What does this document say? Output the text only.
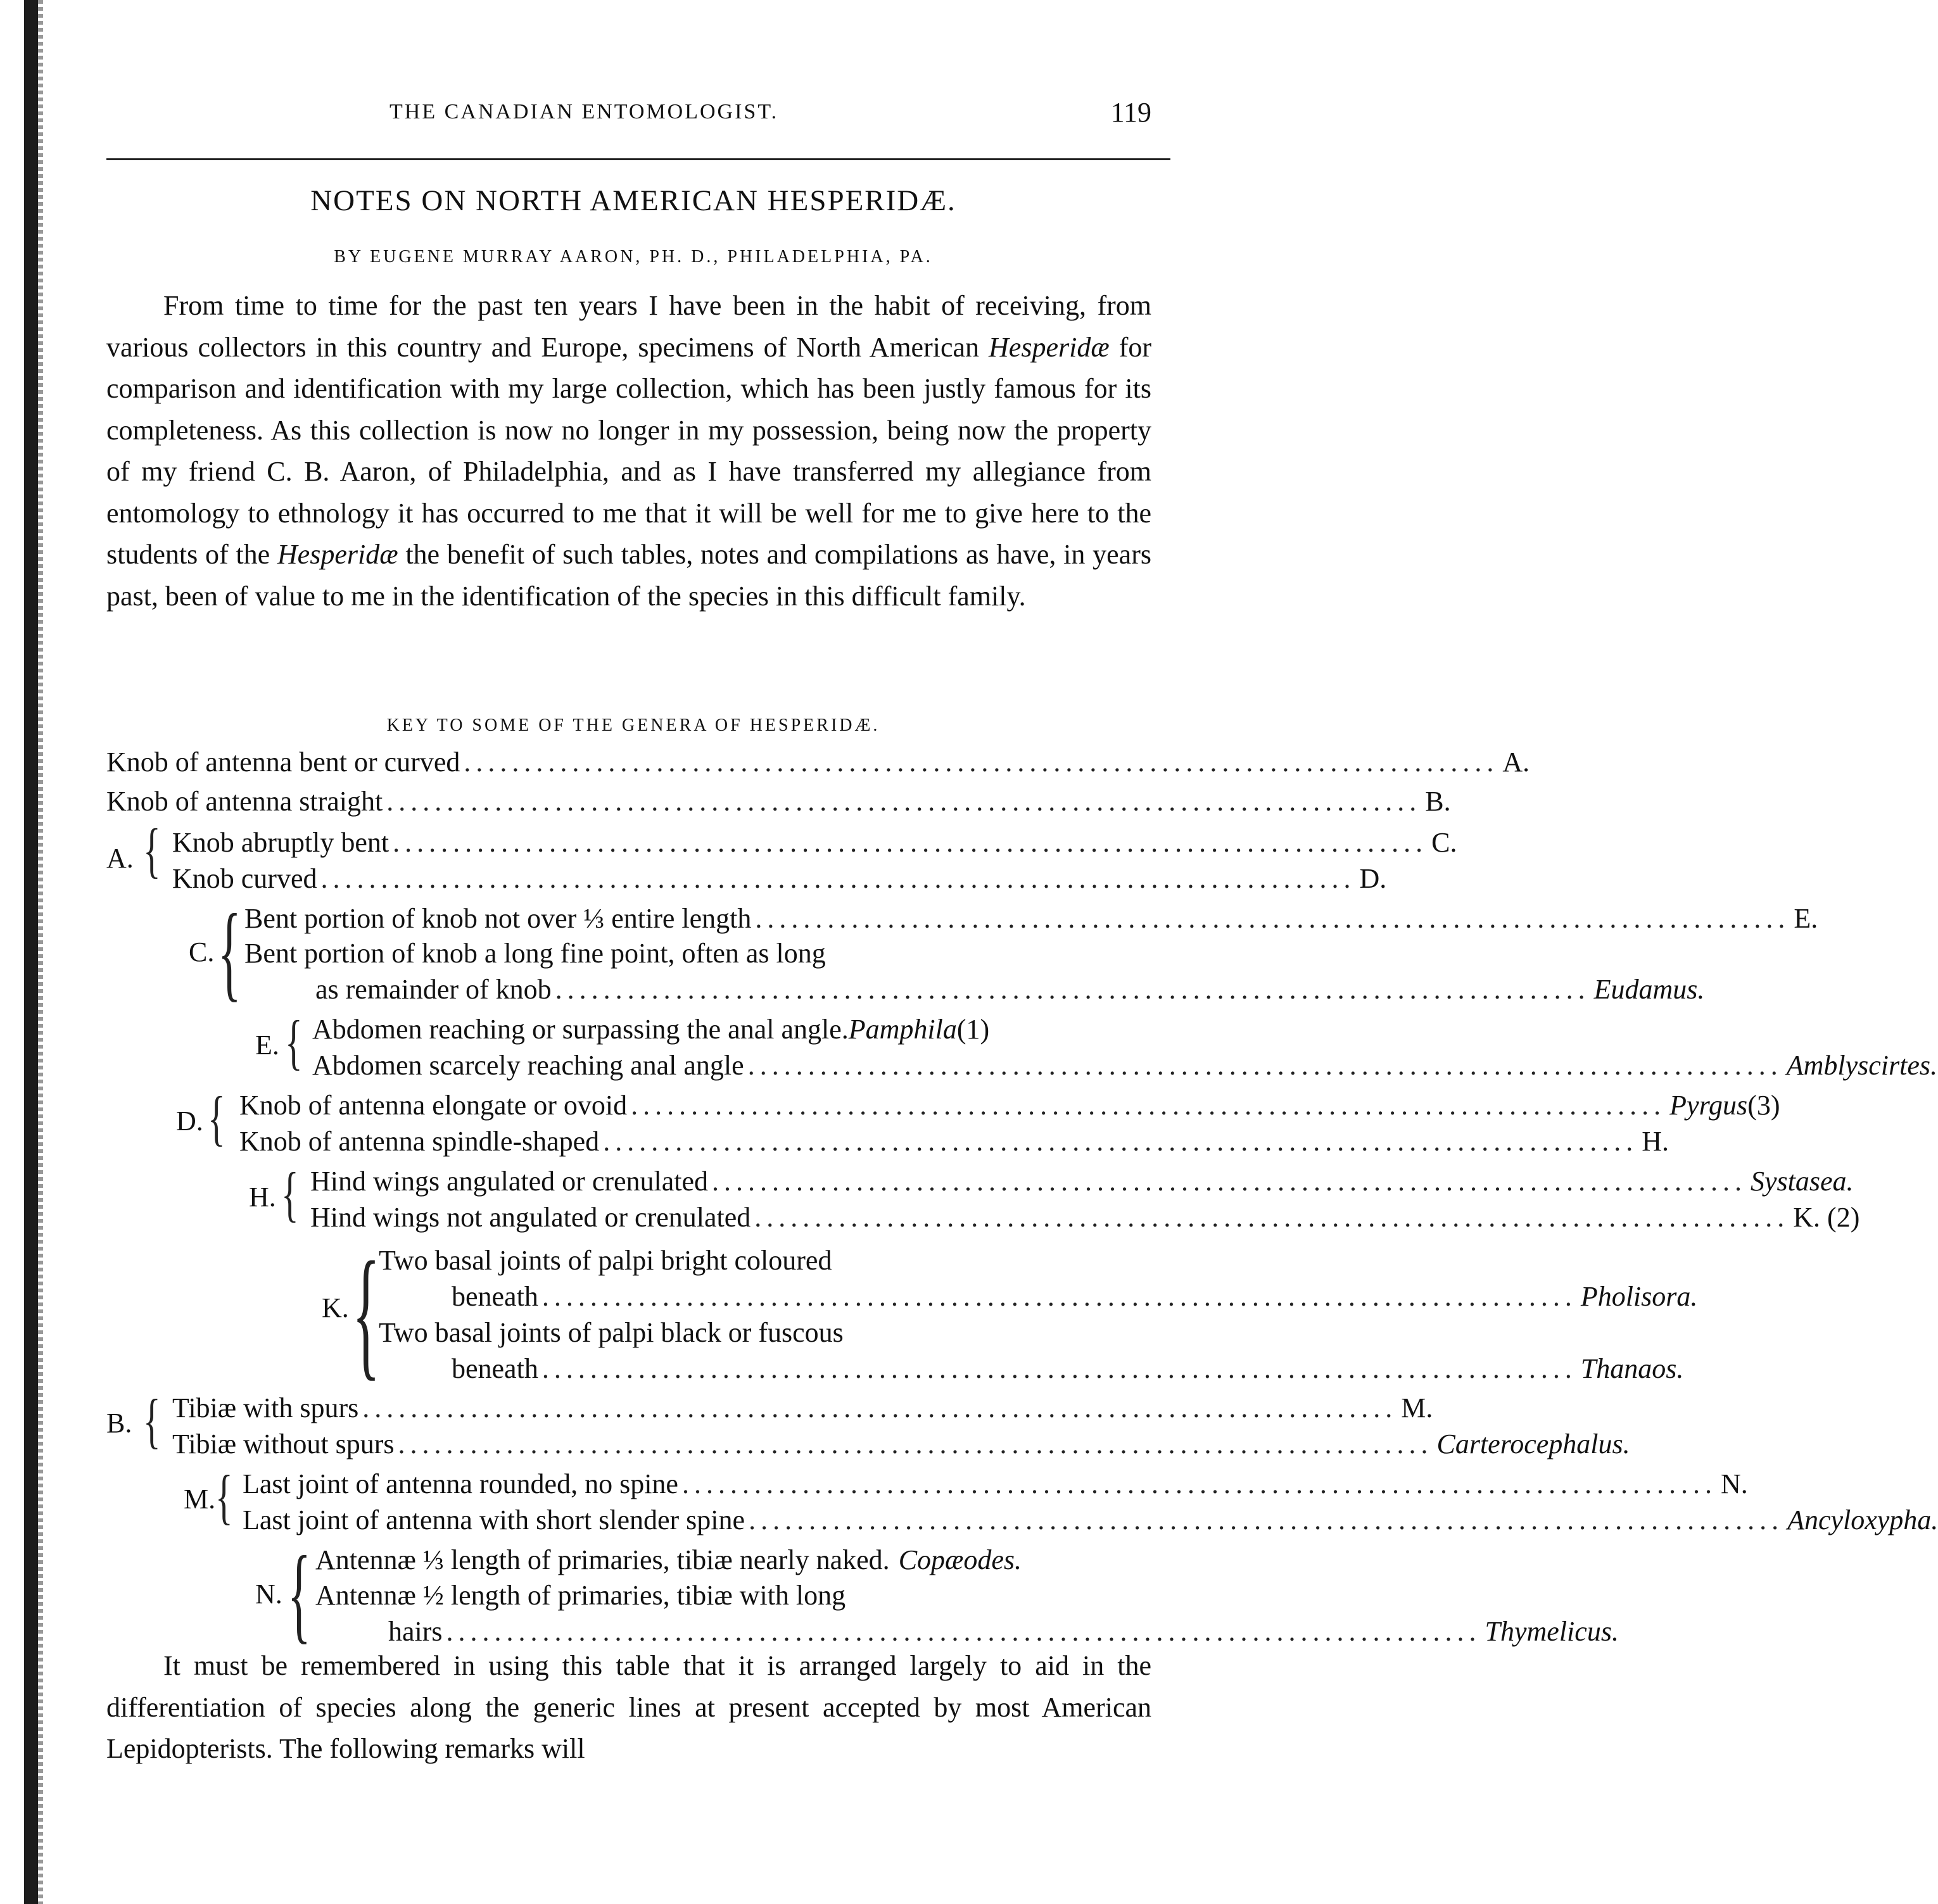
THE CANADIAN ENTOMOLOGIST.	119
NOTES ON NORTH AMERICAN HESPERIDÆ.
BY EUGENE MURRAY AARON, PH. D., PHILADELPHIA, PA.

From time to time for the past ten years I have been in the habit of receiving, from various collectors in this country and Europe, specimens of North American Hesperidæ for comparison and identification with my large collection, which has been justly famous for its completeness. As this collection is now no longer in my possession, being now the property of my friend C. B. Aaron, of Philadelphia, and as I have transferred my allegiance from entomology to ethnology it has occurred to me that it will be well for me to give here to the students of the Hesperidæ the benefit of such tables, notes and compilations as have, in years past, been of value to me in the identification of the species in this difficult family.

KEY TO SOME OF THE GENERA OF HESPERIDÆ.
Knob of antenna bent or curved ...................................................................................... A.
Knob of antenna straight ...................................................................................... B.
A. { Knob abruptly bent ...................................................................................... C.
Knob curved ...................................................................................... D.
C. { Bent portion of knob not over ⅓ entire length ...................................................................................... E.
Bent portion of knob a long fine point, often as long
as remainder of knob ...................................................................................... Eudamus.
E. { Abdomen reaching or surpassing the anal angle. Pamphila (1)
Abdomen scarcely reaching anal angle ...................................................................................... Amblyscirtes.
D. { Knob of antenna elongate or ovoid ...................................................................................... Pyrgus (3)
Knob of antenna spindle-shaped ...................................................................................... H.
H. { Hind wings angulated or crenulated ...................................................................................... Systasea.
Hind wings not angulated or crenulated ...................................................................................... K. (2)
K. {
Two basal joints of palpi bright coloured
beneath ...................................................................................... Pholisora.
Two basal joints of palpi black or fuscous
beneath ...................................................................................... Thanaos.
B. { Tibiæ with spurs ...................................................................................... M.
Tibiæ without spurs ...................................................................................... Carterocephalus.
M. { Last joint of antenna rounded, no spine ...................................................................................... N.
Last joint of antenna with short slender spine ...................................................................................... Ancyloxypha.
N. { Antennæ ⅓ length of primaries, tibiæ nearly naked. Copæodes.
Antennæ ½ length of primaries, tibiæ with long
hairs ...................................................................................... Thymelicus.

It must be remembered in using this table that it is arranged largely to aid in the differentiation of species along the generic lines at present accepted by most American Lepidopterists. The following remarks will
